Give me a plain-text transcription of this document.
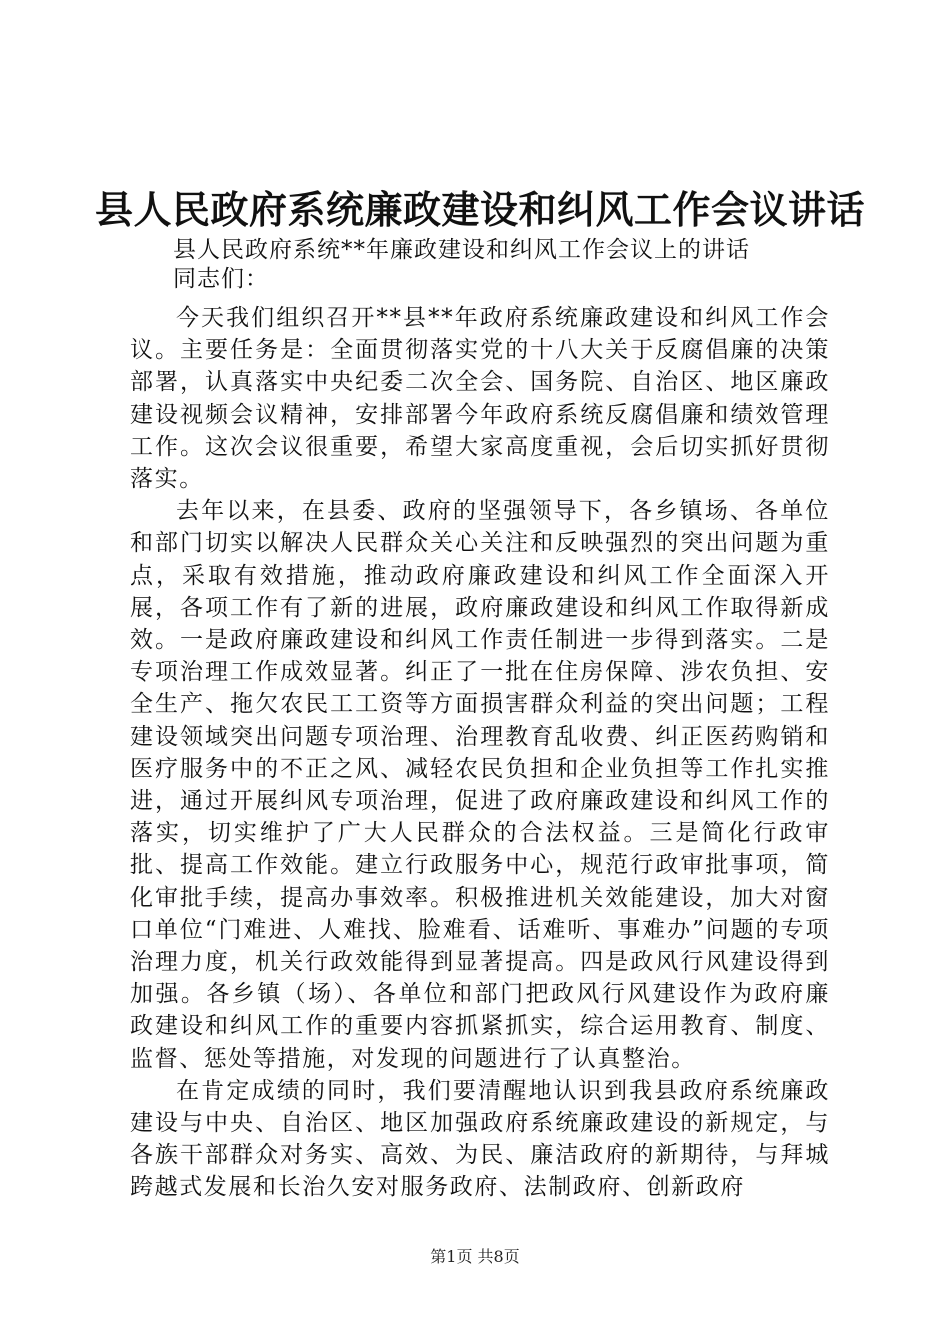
县人民政府系统廉政建设和纠风工作会议讲话

县人民政府系统**年廉政建设和纠风工作会议上的讲话

同志们：

今天我们组织召开**县**年政府系统廉政建设和纠风工作会议。主要任务是：全面贯彻落实党的十八大关于反腐倡廉的决策部署，认真落实中央纪委二次全会、国务院、自治区、地区廉政建设视频会议精神，安排部署今年政府系统反腐倡廉和绩效管理工作。这次会议很重要，希望大家高度重视，会后切实抓好贯彻落实。

去年以来，在县委、政府的坚强领导下，各乡镇场、各单位和部门切实以解决人民群众关心关注和反映强烈的突出问题为重点，采取有效措施，推动政府廉政建设和纠风工作全面深入开展，各项工作有了新的进展，政府廉政建设和纠风工作取得新成效。一是政府廉政建设和纠风工作责任制进一步得到落实。二是专项治理工作成效显著。纠正了一批在住房保障、涉农负担、安全生产、拖欠农民工工资等方面损害群众利益的突出问题；工程建设领域突出问题专项治理、治理教育乱收费、纠正医药购销和医疗服务中的不正之风、减轻农民负担和企业负担等工作扎实推进，通过开展纠风专项治理，促进了政府廉政建设和纠风工作的落实，切实维护了广大人民群众的合法权益。三是简化行政审批、提高工作效能。建立行政服务中心，规范行政审批事项，简化审批手续，提高办事效率。积极推进机关效能建设，加大对窗口单位“门难进、人难找、脸难看、话难听、事难办”问题的专项治理力度，机关行政效能得到显著提高。四是政风行风建设得到加强。各乡镇（场）、各单位和部门把政风行风建设作为政府廉政建设和纠风工作的重要内容抓紧抓实，综合运用教育、制度、监督、惩处等措施，对发现的问题进行了认真整治。

在肯定成绩的同时，我们要清醒地认识到我县政府系统廉政建设与中央、自治区、地区加强政府系统廉政建设的新规定，与各族干部群众对务实、高效、为民、廉洁政府的新期待，与拜城跨越式发展和长治久安对服务政府、法制政府、创新政府

第1页 共8页
